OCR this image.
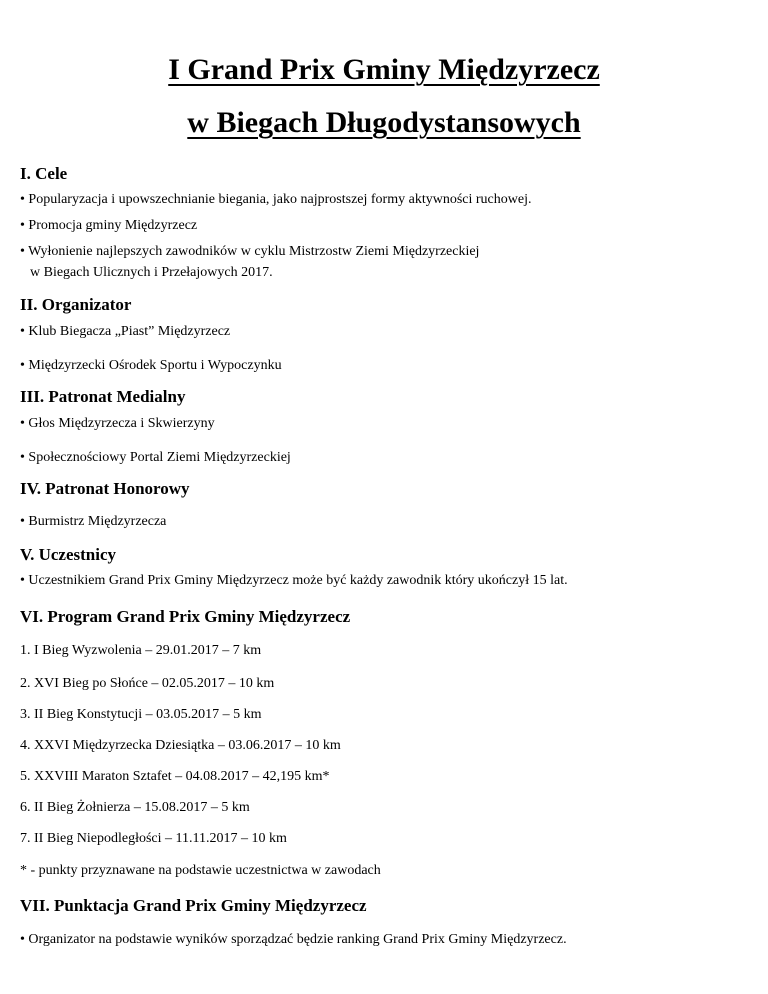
I Grand Prix Gminy Międzyrzecz
w Biegach Długodystansowych
I. Cele
• Popularyzacja i upowszechnianie biegania, jako najprostszej formy aktywności ruchowej.
• Promocja gminy Międzyrzecz
• Wyłonienie najlepszych zawodników w cyklu Mistrzostw Ziemi Międzyrzeckiej
w Biegach Ulicznych i Przełajowych 2017.
II. Organizator
• Klub Biegacza „Piast” Międzyrzecz
• Międzyrzecki Ośrodek Sportu i Wypoczynku
III. Patronat Medialny
• Głos Międzyrzecza i Skwierzyny
• Społecznościowy Portal Ziemi Międzyrzeckiej
IV. Patronat Honorowy
• Burmistrz Międzyrzecza
V. Uczestnicy
• Uczestnikiem Grand Prix Gminy Międzyrzecz może być każdy zawodnik który ukończył 15 lat.
VI. Program Grand Prix Gminy Międzyrzecz
1. I Bieg Wyzwolenia – 29.01.2017 – 7 km
2. XVI Bieg po Słońce – 02.05.2017 – 10 km
3. II Bieg Konstytucji – 03.05.2017 – 5 km
4. XXVI Międzyrzecka Dziesiątka – 03.06.2017 – 10 km
5. XXVIII Maraton Sztafet – 04.08.2017 – 42,195 km*
6. II Bieg Żołnierza – 15.08.2017 – 5 km
7. II Bieg Niepodległości – 11.11.2017 – 10 km
* - punkty przyznawane na podstawie uczestnictwa w zawodach
VII. Punktacja Grand Prix Gminy Międzyrzecz
• Organizator na podstawie wyników sporządzać będzie ranking Grand Prix Gminy Międzyrzecz.
